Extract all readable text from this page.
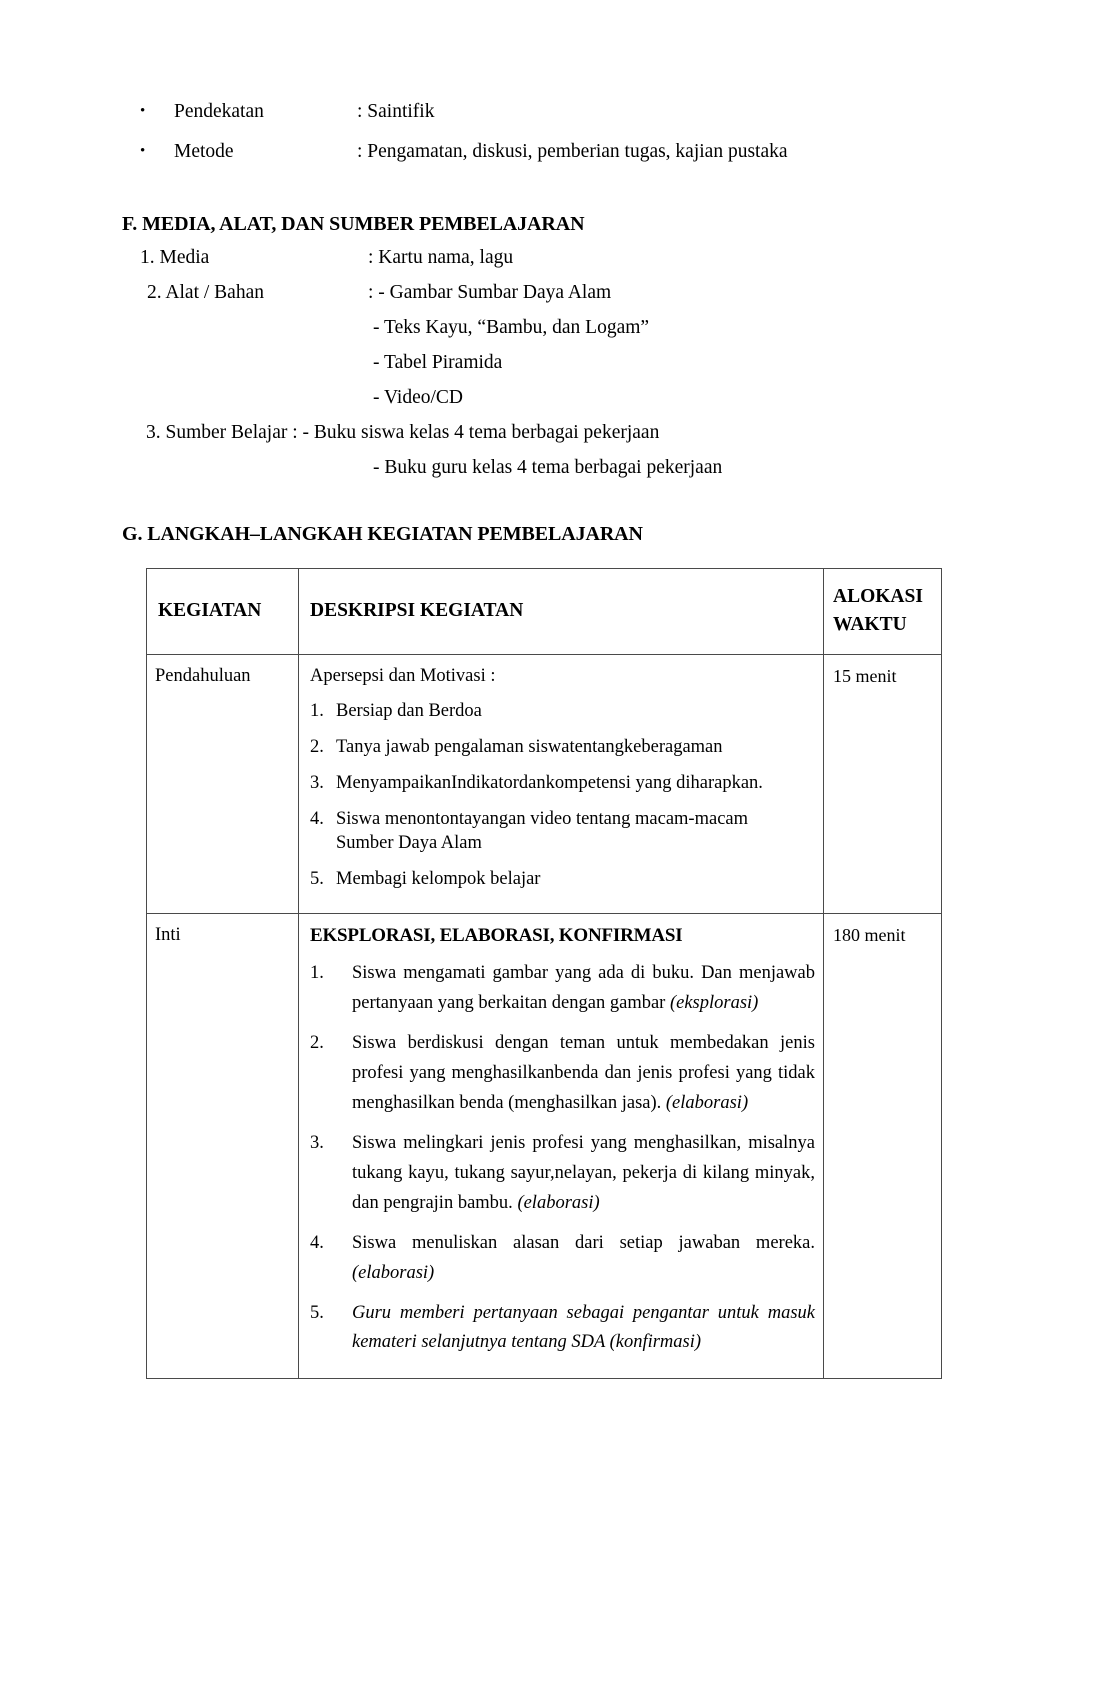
•	Pendekatan	: Saintifik
•	Metode	: Pengamatan, diskusi, pemberian tugas, kajian pustaka
F. MEDIA, ALAT, DAN SUMBER PEMBELAJARAN
1. Media	: Kartu nama, lagu
2. Alat / Bahan	: - Gambar Sumbar Daya Alam
- Teks Kayu, “Bambu, dan Logam”
- Tabel Piramida
- Video/CD
3. Sumber Belajar : - Buku siswa kelas 4 tema berbagai pekerjaan
- Buku guru kelas 4 tema berbagai pekerjaan
G. LANGKAH–LANGKAH KEGIATAN PEMBELAJARAN
KEGIATAN	DESKRIPSI KEGIATAN	ALOKASI
WAKTU
Pendahuluan	Apersepsi dan Motivasi :

1. Bersiap dan Berdoa
2. Tanya jawab pengalaman siswatentangkeberagaman
3. MenyampaikanIndikatordankompetensi yang diharapkan.
4. Siswa menontontayangan video tentang macam-macam
Sumber Daya Alam
5. Membagi kelompok belajar
	15 menit
Inti	EKSPLORASI, ELABORASI, KONFIRMASI

1.	Siswa mengamati gambar yang ada di buku. Dan menjawab pertanyaan yang berkaitan dengan gambar (eksplorasi)
2.	Siswa berdiskusi dengan teman untuk membedakan jenis profesi yang menghasilkanbenda dan jenis profesi yang tidak menghasilkan benda (menghasilkan jasa). (elaborasi)
3.	Siswa melingkari jenis profesi yang menghasilkan, misalnya tukang kayu, tukang sayur,nelayan, pekerja di kilang minyak, dan pengrajin bambu. (elaborasi)
4.	Siswa menuliskan alasan dari setiap jawaban mereka. (elaborasi)
5.	Guru memberi pertanyaan sebagai pengantar untuk masuk kemateri selanjutnya tentang SDA (konfirmasi)
	180 menit
